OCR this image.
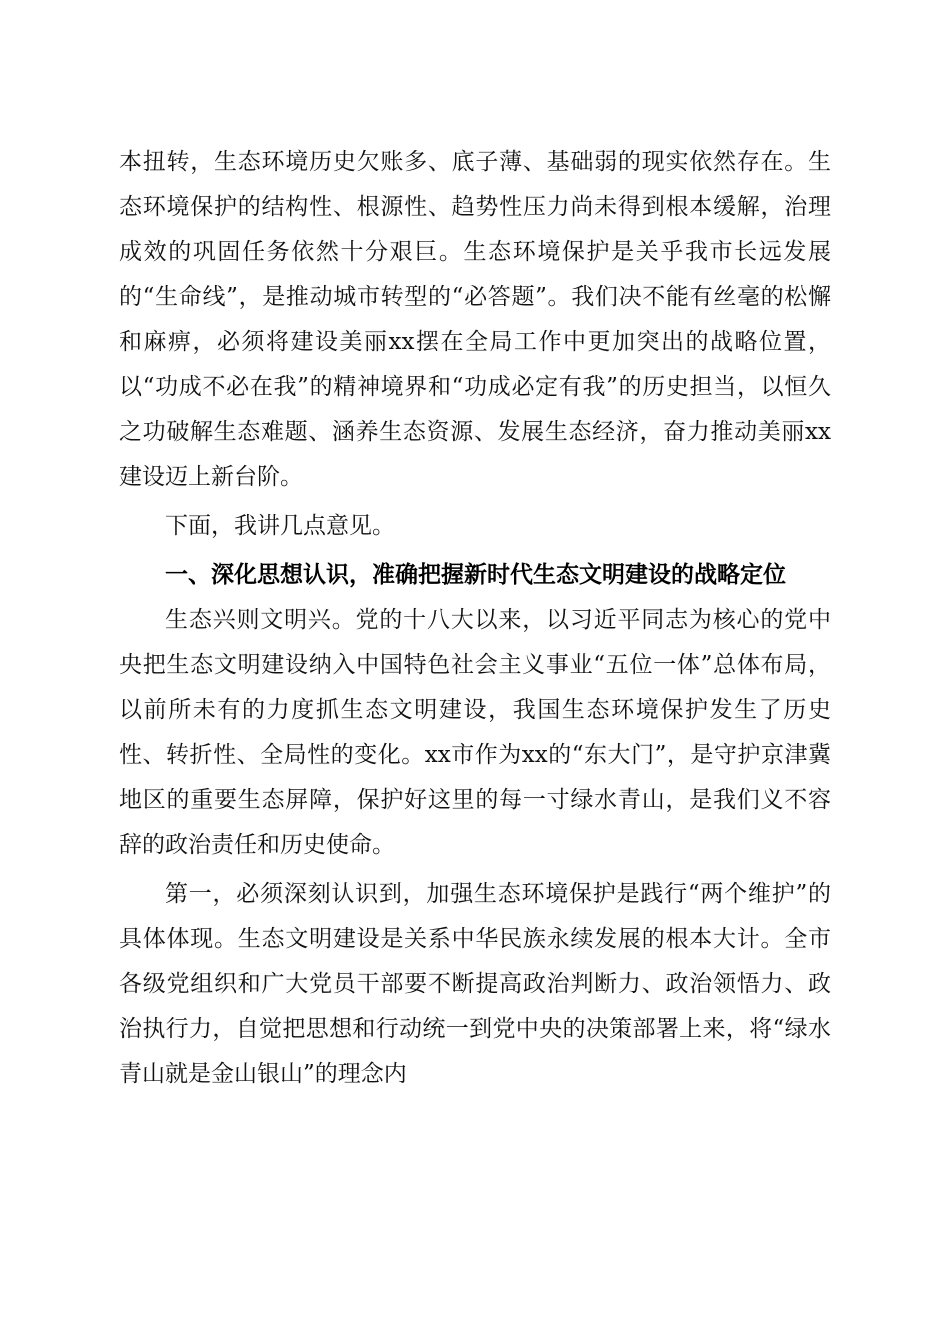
本扭转，生态环境历史欠账多、底子薄、基础弱的现实依然存在。生态环境保护的结构性、根源性、趋势性压力尚未得到根本缓解，治理成效的巩固任务依然十分艰巨。生态环境保护是关乎我市长远发展的“生命线”，是推动城市转型的“必答题”。我们决不能有丝毫的松懈和麻痹，必须将建设美丽xx摆在全局工作中更加突出的战略位置，以“功成不必在我”的精神境界和“功成必定有我”的历史担当，以恒久之功破解生态难题、涵养生态资源、发展生态经济，奋力推动美丽xx建设迈上新台阶。

下面，我讲几点意见。

一、深化思想认识，准确把握新时代生态文明建设的战略定位

生态兴则文明兴。党的十八大以来，以习近平同志为核心的党中央把生态文明建设纳入中国特色社会主义事业“五位一体”总体布局，以前所未有的力度抓生态文明建设，我国生态环境保护发生了历史性、转折性、全局性的变化。xx市作为xx的“东大门”，是守护京津冀地区的重要生态屏障，保护好这里的每一寸绿水青山，是我们义不容辞的政治责任和历史使命。

第一，必须深刻认识到，加强生态环境保护是践行“两个维护”的具体体现。生态文明建设是关系中华民族永续发展的根本大计。全市各级党组织和广大党员干部要不断提高政治判断力、政治领悟力、政治执行力，自觉把思想和行动统一到党中央的决策部署上来，将“绿水青山就是金山银山”的理念内
